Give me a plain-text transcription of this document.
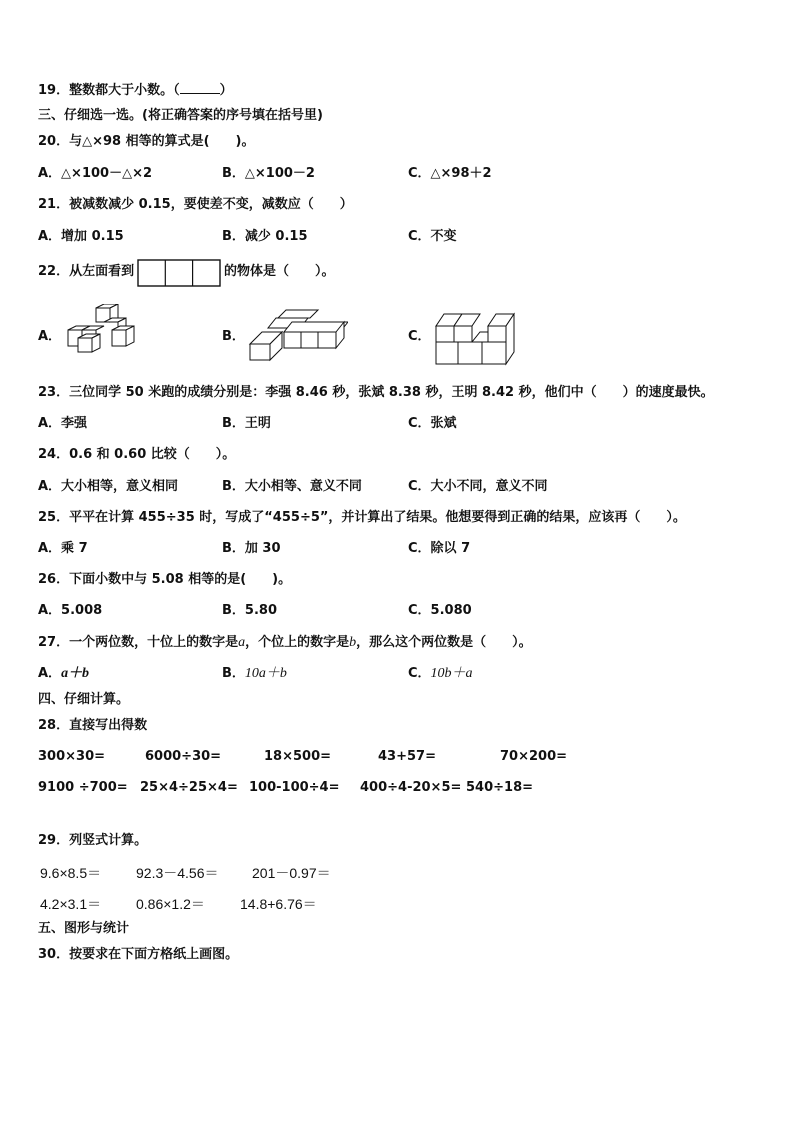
19．整数都大于小数。（	）
三、仔细选一选。(将正确答案的序号填在括号里)
20．与△×98 相等的算式是(　　)。
A．△×100－△×2	B．△×100－2	C．△×98＋2
21．被减数减少 0.15，要使差不变，减数应（　　）
A．增加 0.15	B．减少 0.15	C．不变
22．从左面看到	的物体是（　　）。
A．	B．	C．
23．三位同学 50 米跑的成绩分别是：李强 8.46 秒，张斌 8.38 秒，王明 8.42 秒，他们中（　　）的速度最快。
A．李强	B．王明	C．张斌
24．0.6 和 0.60 比较（　　）。
A．大小相等，意义相同	B．大小相等、意义不同	C．大小不同，意义不同
25．平平在计算 455÷35 时，写成了“455÷5”，并计算出了结果。他想要得到正确的结果，应该再（　　）。
A．乘 7	B．加 30	C．除以 7
26．下面小数中与 5.08 相等的是(　　)。
A．5.008	B．5.80	C．5.080
27．一个两位数，十位上的数字是a，个位上的数字是b，那么这个两位数是（　　）。
A．a＋b	B．10a＋b	C．10b＋a
四、仔细计算。
28．直接写出得数
300×30=	6000÷30=	18×500=	43+57=	70×200=
9100 ÷700= 25×4÷25×4= 100-100÷4= 400÷4-20×5= 540÷18=
29．列竖式计算。
9.6×8.5＝ 92.3－4.56＝ 201－0.97＝
4.2×3.1＝ 0.86×1.2＝	14.8+6.76＝
五、图形与统计
30．按要求在下面方格纸上画图。
